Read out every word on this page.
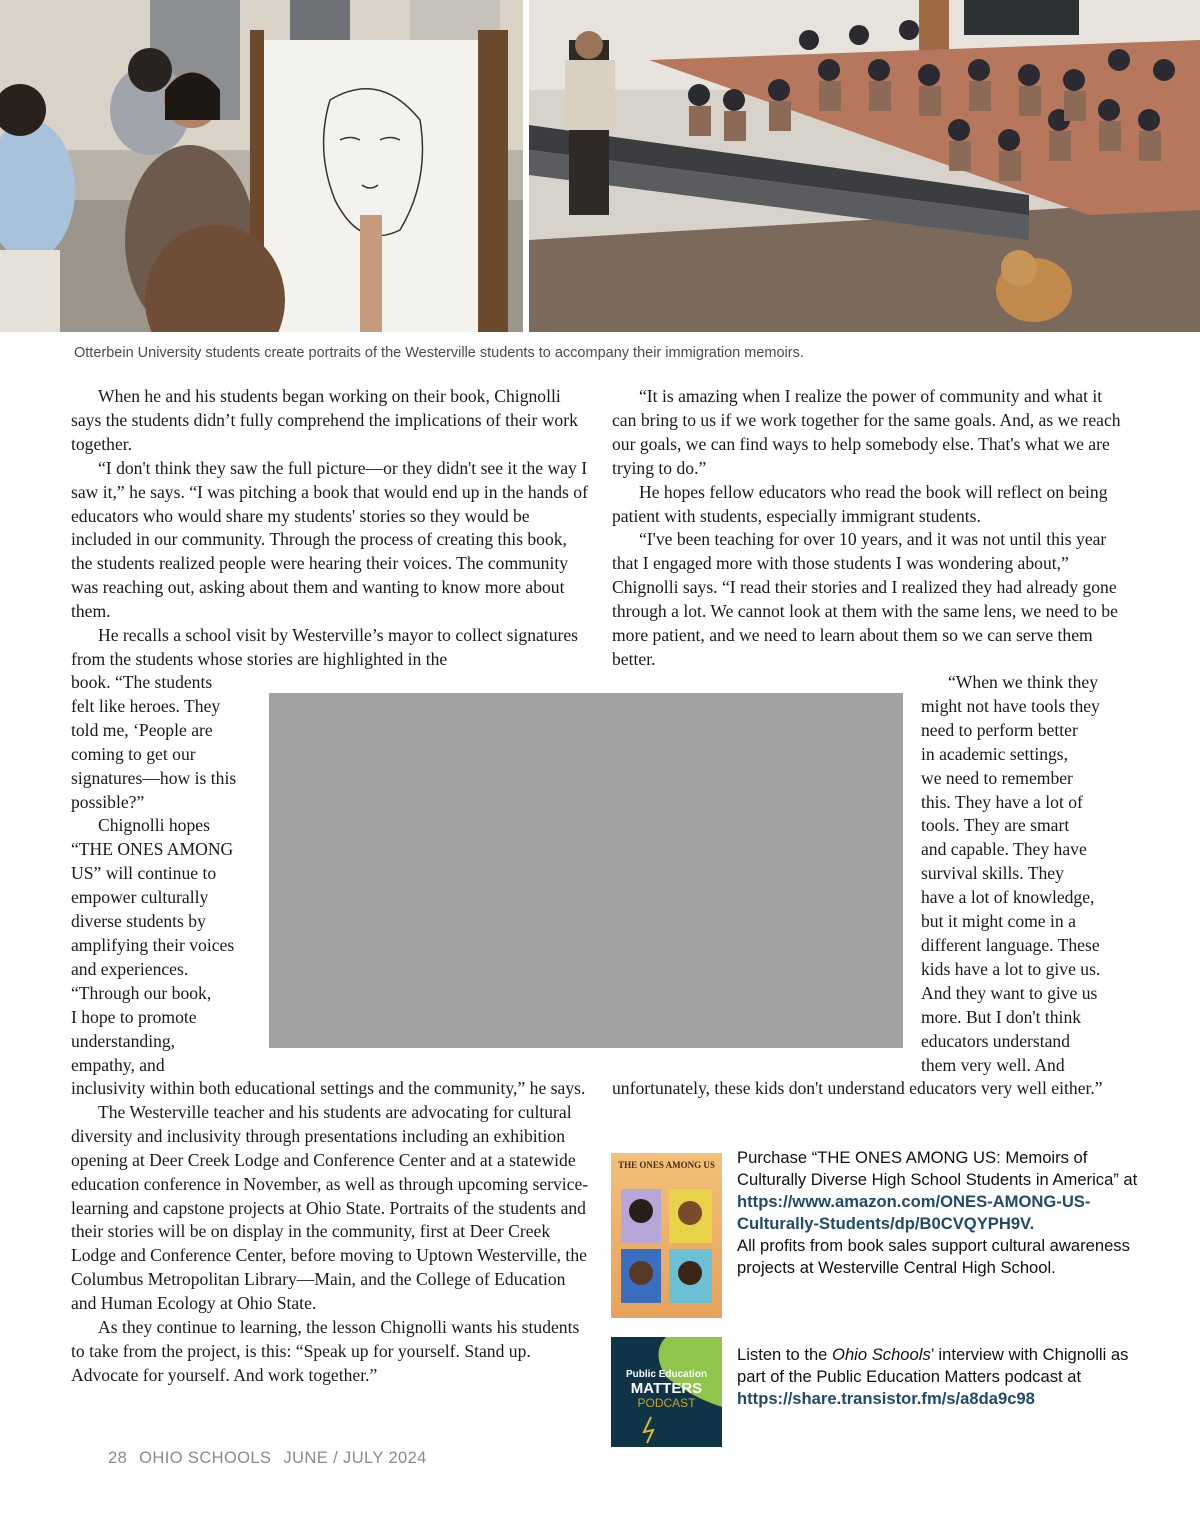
Otterbein University students create portraits of the Westerville students to accompany their immigration memoirs.

When he and his students began working on their book, Chignolli says the students didn’t fully comprehend the implications of their work together.

“I don't think they saw the full picture—or they didn't see it the way I saw it,” he says. “I was pitching a book that would end up in the hands of educators who would share my students' stories so they would be included in our community. Through the process of creating this book, the students realized people were hearing their voices. The community was reaching out, asking about them and wanting to know more about them.

He recalls a school visit by Westerville’s mayor to collect signatures from the students whose stories are highlighted in the

book. “The students
felt like heroes. They
told me, ‘People are
coming to get our
signatures—how is this
possible?”
Chignolli hopes
“THE ONES AMONG
US” will continue to
empower culturally
diverse students by
amplifying their voices
and experiences.
“Through our book,
I hope to promote
understanding,
empathy, and

inclusivity within both educational settings and the community,” he says.

The Westerville teacher and his students are advocating for cultural diversity and inclusivity through presentations including an exhibition opening at Deer Creek Lodge and Conference Center and at a statewide education conference in November, as well as through upcoming service-learning and capstone projects at Ohio State. Portraits of the students and their stories will be on display in the community, first at Deer Creek Lodge and Conference Center, before moving to Uptown Westerville, the Columbus Metropolitan Library—Main, and the College of Education and Human Ecology at Ohio State.

As they continue to learning, the lesson Chignolli wants his students to take from the project, is this: “Speak up for yourself. Stand up. Advocate for yourself. And work together.”

“It is amazing when I realize the power of community and what it can bring to us if we work together for the same goals. And, as we reach our goals, we can find ways to help somebody else. That's what we are trying to do.”

He hopes fellow educators who read the book will reflect on being patient with students, especially immigrant students.

“I've been teaching for over 10 years, and it was not until this year that I engaged more with those students I was wondering about,” Chignolli says. “I read their stories and I realized they had already gone through a lot. We cannot look at them with the same lens, we need to be more patient, and we need to learn about them so we can serve them better.

“When we think they
might not have tools they
need to perform better
in academic settings,
we need to remember
this. They have a lot of
tools. They are smart
and capable. They have
survival skills. They
have a lot of knowledge,
but it might come in a
different language. These
kids have a lot to give us.
And they want to give us
more. But I don't think
educators understand
them very well. And

unfortunately, these kids don't understand educators very well either.”

THE ONES AMONG US Purchase “THE ONES AMONG US: Memoirs of Culturally Diverse High School Students in America” at
https://www.amazon.com/ONES-AMONG-US-Culturally-Students/dp/B0CVQYPH9V.
All profits from book sales support cultural awareness projects at Westerville Central High School.
Public Education
MATTERS
PODCAST
Listen to the Ohio Schools’ interview with Chignolli as part of the Public Education Matters podcast at https://share.transistor.fm/s/a8da9c98
28 OHIO SCHOOLS JUNE / JULY 2024
